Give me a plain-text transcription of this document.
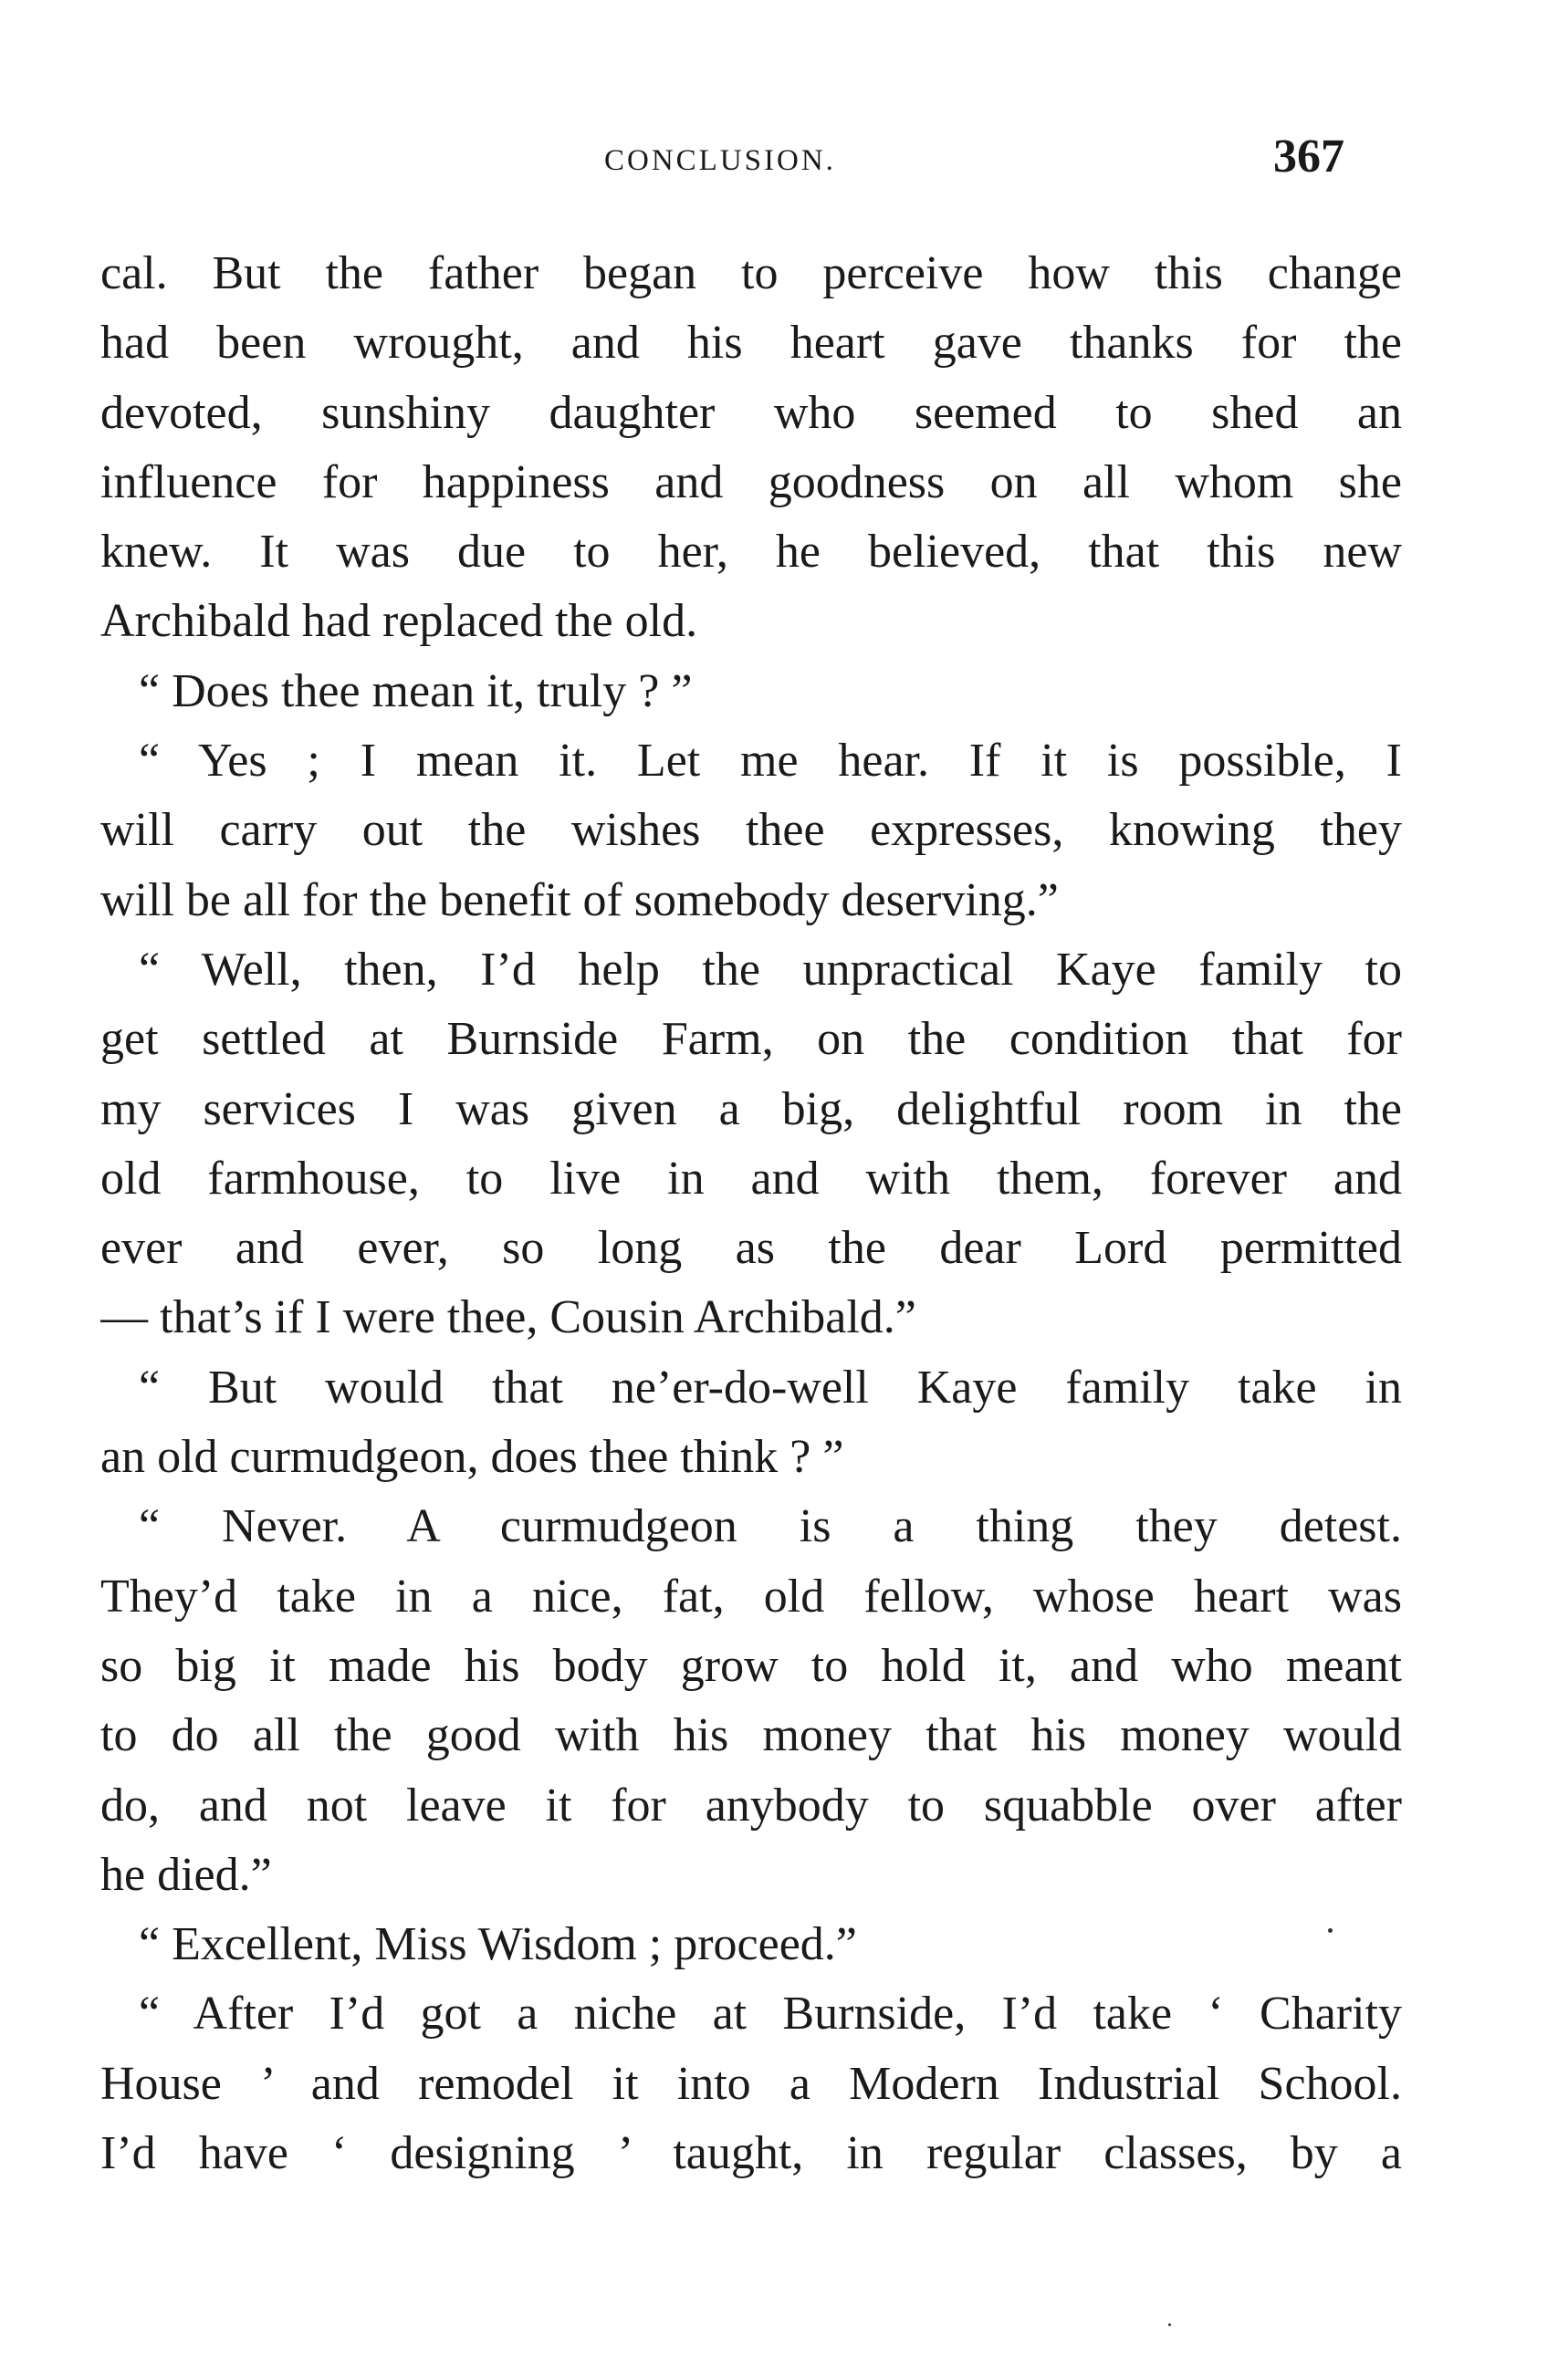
CONCLUSION.	367
cal. But the father began to perceive how this change
had been wrought, and his heart gave thanks for the
devoted, sunshiny daughter who seemed to shed an
influence for happiness and goodness on all whom she
knew. It was due to her, he believed, that this new
Archibald had replaced the old.
“ Does thee mean it, truly ? ”
“ Yes ; I mean it. Let me hear. If it is possible, I
will carry out the wishes thee expresses, knowing they
will be all for the benefit of somebody deserving.”
“ Well, then, I’d help the unpractical Kaye family to
get settled at Burnside Farm, on the condition that for
my services I was given a big, delightful room in the
old farmhouse, to live in and with them, forever and
ever and ever, so long as the dear Lord permitted
— that’s if I were thee, Cousin Archibald.”
“ But would that ne’er-do-well Kaye family take in
an old curmudgeon, does thee think ? ”
“ Never. A curmudgeon is a thing they detest.
They’d take in a nice, fat, old fellow, whose heart was
so big it made his body grow to hold it, and who meant
to do all the good with his money that his money would
do, and not leave it for anybody to squabble over after
he died.”
“ Excellent, Miss Wisdom ; proceed.”
“ After I’d got a niche at Burnside, I’d take ‘ Charity
House ’ and remodel it into a Modern Industrial School.
I’d have ‘ designing ’ taught, in regular classes, by a
